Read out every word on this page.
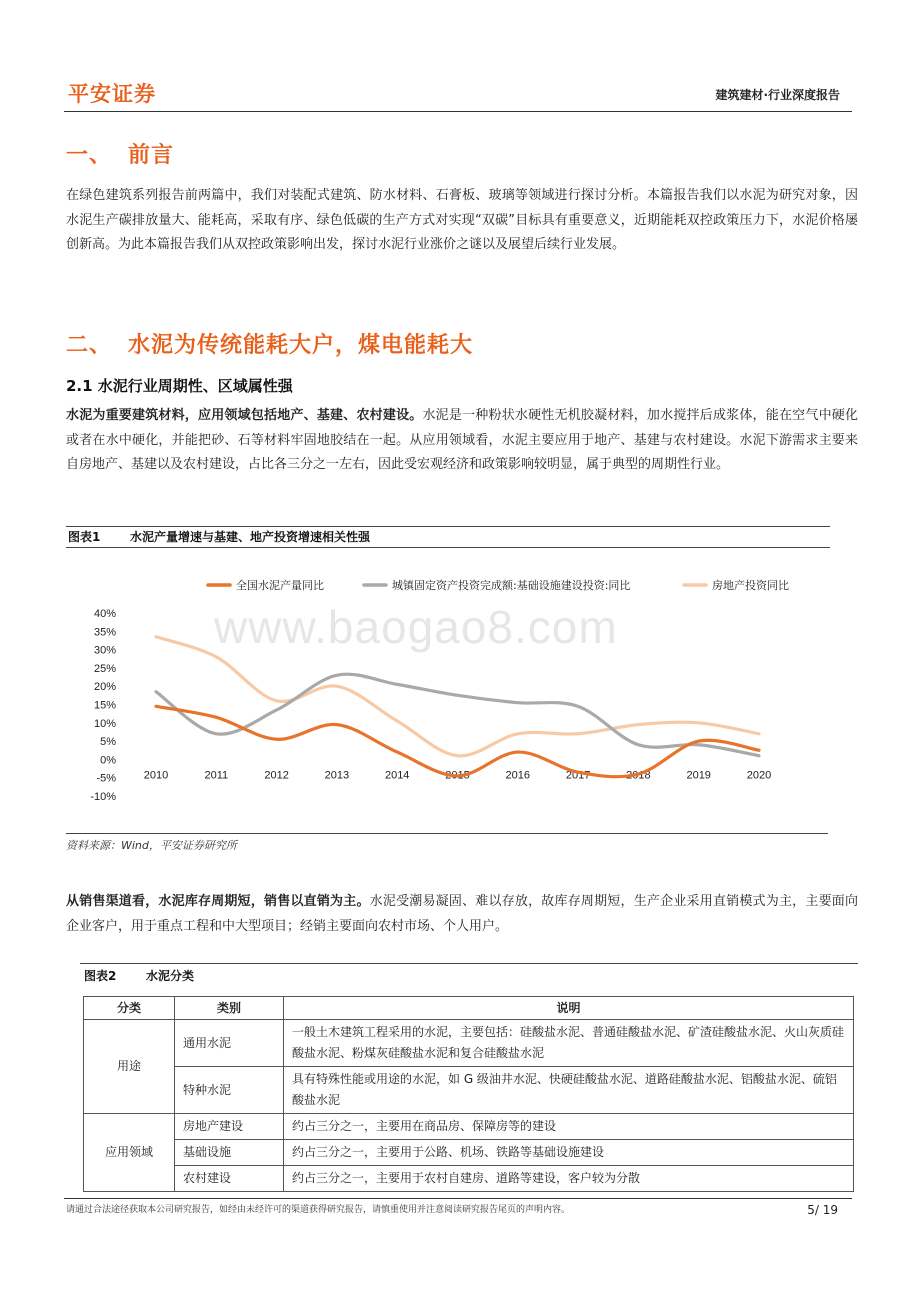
平安证券	建筑建材·行业深度报告
一、 前言
在绿色建筑系列报告前两篇中，我们对装配式建筑、防水材料、石膏板、玻璃等领域进行探讨分析。本篇报告我们以水泥为研究对象，因水泥生产碳排放量大、能耗高，采取有序、绿色低碳的生产方式对实现“双碳”目标具有重要意义，近期能耗双控政策压力下，水泥价格屡创新高。为此本篇报告我们从双控政策影响出发，探讨水泥行业涨价之谜以及展望后续行业发展。
二、 水泥为传统能耗大户，煤电能耗大
2.1 水泥行业周期性、区域属性强
水泥为重要建筑材料，应用领域包括地产、基建、农村建设。水泥是一种粉状水硬性无机胶凝材料，加水搅拌后成浆体，能在空气中硬化或者在水中硬化，并能把砂、石等材料牢固地胶结在一起。从应用领域看，水泥主要应用于地产、基建与农村建设。水泥下游需求主要来自房地产、基建以及农村建设，占比各三分之一左右，因此受宏观经济和政策影响较明显，属于典型的周期性行业。
图表1 水泥产量增速与基建、地产投资增速相关性强
40%
35%
30%
25%
20%
15%
10%
5%
0%
-5%
-10%
2010	2011	2012	2013	2014	2015	2016	2017	2018	2019	2020
全国水泥产量同比	城镇固定资产投资完成额:基础设施建设投资:同比	房地产投资同比
www.baogao8.com
资料来源：Wind，平安证券研究所
从销售渠道看，水泥库存周期短，销售以直销为主。水泥受潮易凝固、难以存放，故库存周期短，生产企业采用直销模式为主，主要面向企业客户，用于重点工程和中大型项目；经销主要面向农村市场、个人用户。
图表2 水泥分类
分类	类别	说明
用途	通用水泥	一般土木建筑工程采用的水泥，主要包括：硅酸盐水泥、普通硅酸盐水泥、矿渣硅酸盐水泥、火山灰质硅酸盐水泥、粉煤灰硅酸盐水泥和复合硅酸盐水泥
	特种水泥	具有特殊性能或用途的水泥，如 G 级油井水泥、快硬硅酸盐水泥、道路硅酸盐水泥、铝酸盐水泥、硫铝酸盐水泥
应用领域	房地产建设	约占三分之一，主要用在商品房、保障房等的建设
	基础设施	约占三分之一，主要用于公路、机场、铁路等基础设施建设
	农村建设	约占三分之一，主要用于农村自建房、道路等建设，客户较为分散
请通过合法途径获取本公司研究报告，如经由未经许可的渠道获得研究报告，请慎重使用并注意阅读研究报告尾页的声明内容。	5/ 19
